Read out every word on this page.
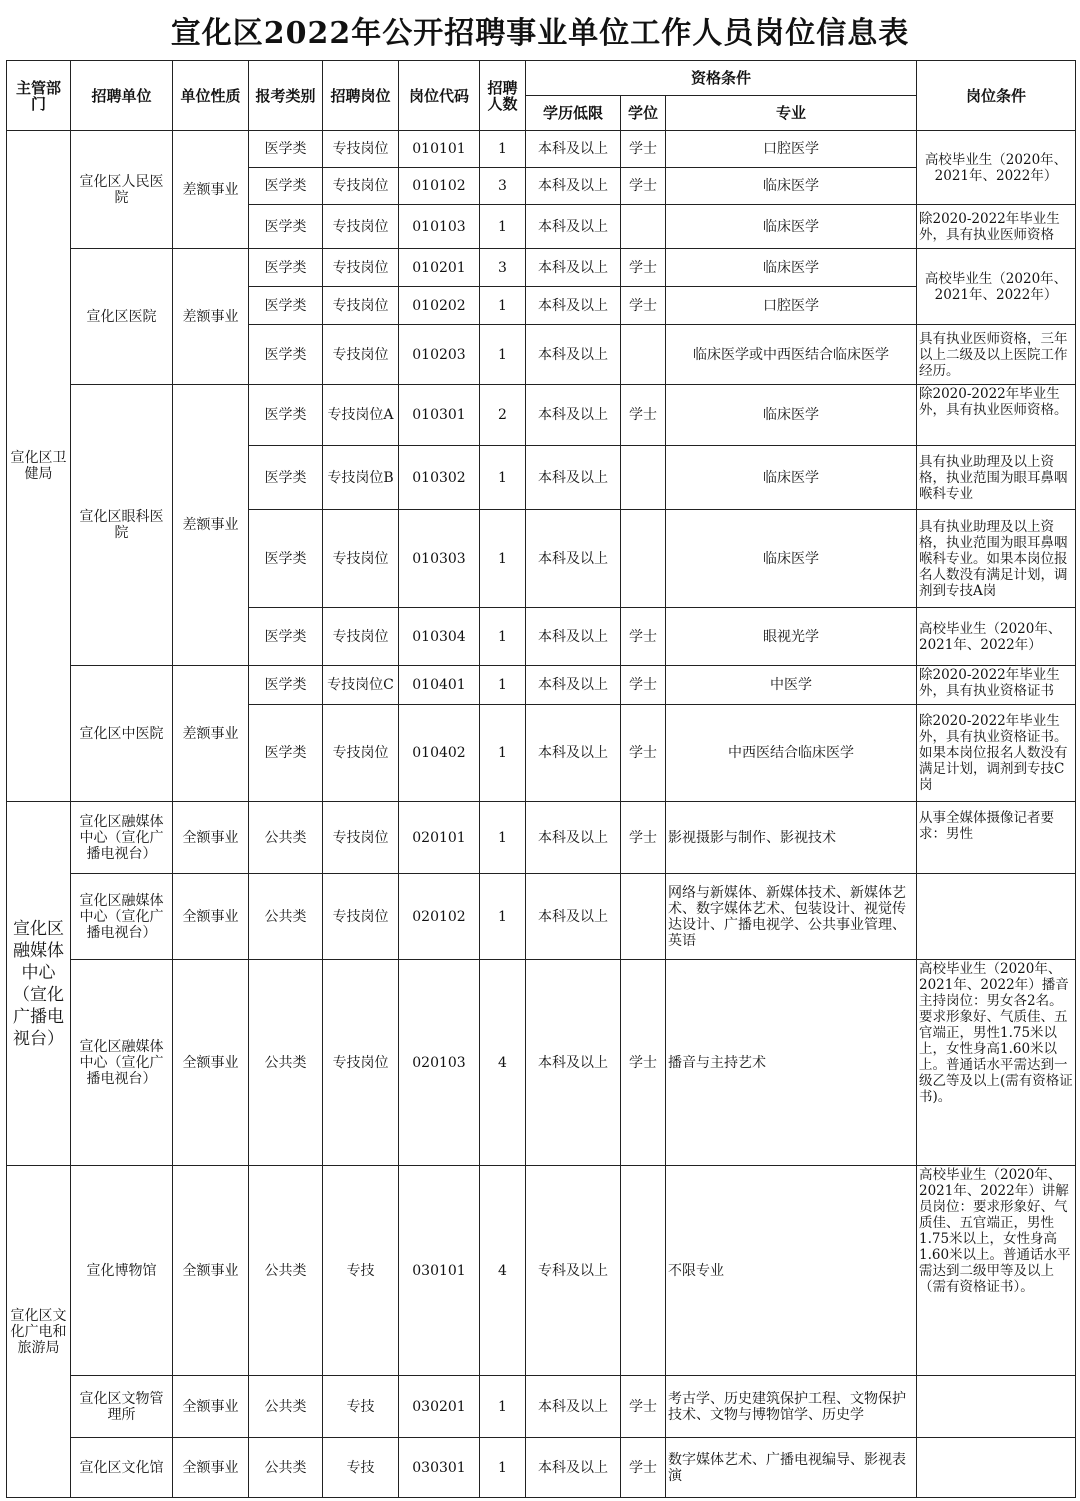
宣化区2022年公开招聘事业单位工作人员岗位信息表
主管部门	招聘单位	单位性质	报考类别	招聘岗位	岗位代码	招聘人数	资格条件			岗位条件
							学历低限	学位	专业	
宣化区卫健局	宣化区人民医院	差额事业	医学类	专技岗位	010101	1	本科及以上	学士	口腔医学	高校毕业生（2020年、2021年、2022年）
			医学类	专技岗位	010102	3	本科及以上	学士	临床医学	
			医学类	专技岗位	010103	1	本科及以上		临床医学	除2020-2022年毕业生外，具有执业医师资格
	宣化区医院	差额事业	医学类	专技岗位	010201	3	本科及以上	学士	临床医学	高校毕业生（2020年、2021年、2022年）
			医学类	专技岗位	010202	1	本科及以上	学士	口腔医学	
			医学类	专技岗位	010203	1	本科及以上		临床医学或中西医结合临床医学	具有执业医师资格，三年以上二级及以上医院工作经历。
	宣化区眼科医院	差额事业	医学类	专技岗位A	010301	2	本科及以上	学士	临床医学	除2020-2022年毕业生外，具有执业医师资格。
			医学类	专技岗位B	010302	1	本科及以上		临床医学	具有执业助理及以上资格，执业范围为眼耳鼻咽喉科专业
			医学类	专技岗位	010303	1	本科及以上		临床医学	具有执业助理及以上资格，执业范围为眼耳鼻咽喉科专业。如果本岗位报名人数没有满足计划，调剂到专技A岗
			医学类	专技岗位	010304	1	本科及以上	学士	眼视光学	高校毕业生（2020年、2021年、2022年）
	宣化区中医院	差额事业	医学类	专技岗位C	010401	1	本科及以上	学士	中医学	除2020-2022年毕业生外，具有执业资格证书
			医学类	专技岗位	010402	1	本科及以上	学士	中西医结合临床医学	除2020-2022年毕业生外，具有执业资格证书。如果本岗位报名人数没有满足计划，调剂到专技C岗
宣化区融媒体中心（宣化广播电视台）	宣化区融媒体中心（宣化广播电视台）	全额事业	公共类	专技岗位	020101	1	本科及以上	学士	影视摄影与制作、影视技术	从事全媒体摄像记者要求：男性
	宣化区融媒体中心（宣化广播电视台）	全额事业	公共类	专技岗位	020102	1	本科及以上		网络与新媒体、新媒体技术、新媒体艺术、数字媒体艺术、包装设计、视觉传达设计、广播电视学、公共事业管理、英语	
	宣化区融媒体中心（宣化广播电视台）	全额事业	公共类	专技岗位	020103	4	本科及以上	学士	播音与主持艺术	高校毕业生（2020年、2021年、2022年）播音主持岗位：男女各2名。要求形象好、气质佳、五官端正，男性1.75米以上，女性身高1.60米以上。普通话水平需达到一级乙等及以上(需有资格证书)。
宣化区文化广电和旅游局	宣化博物馆	全额事业	公共类	专技	030101	4	专科及以上		不限专业	高校毕业生（2020年、2021年、2022年）讲解员岗位：要求形象好、气质佳、五官端正，男性1.75米以上，女性身高1.60米以上。普通话水平需达到二级甲等及以上（需有资格证书）。
	宣化区文物管理所	全额事业	公共类	专技	030201	1	本科及以上	学士	考古学、历史建筑保护工程、文物保护技术、文物与博物馆学、历史学	
	宣化区文化馆	全额事业	公共类	专技	030301	1	本科及以上	学士	数字媒体艺术、广播电视编导、影视表演	
